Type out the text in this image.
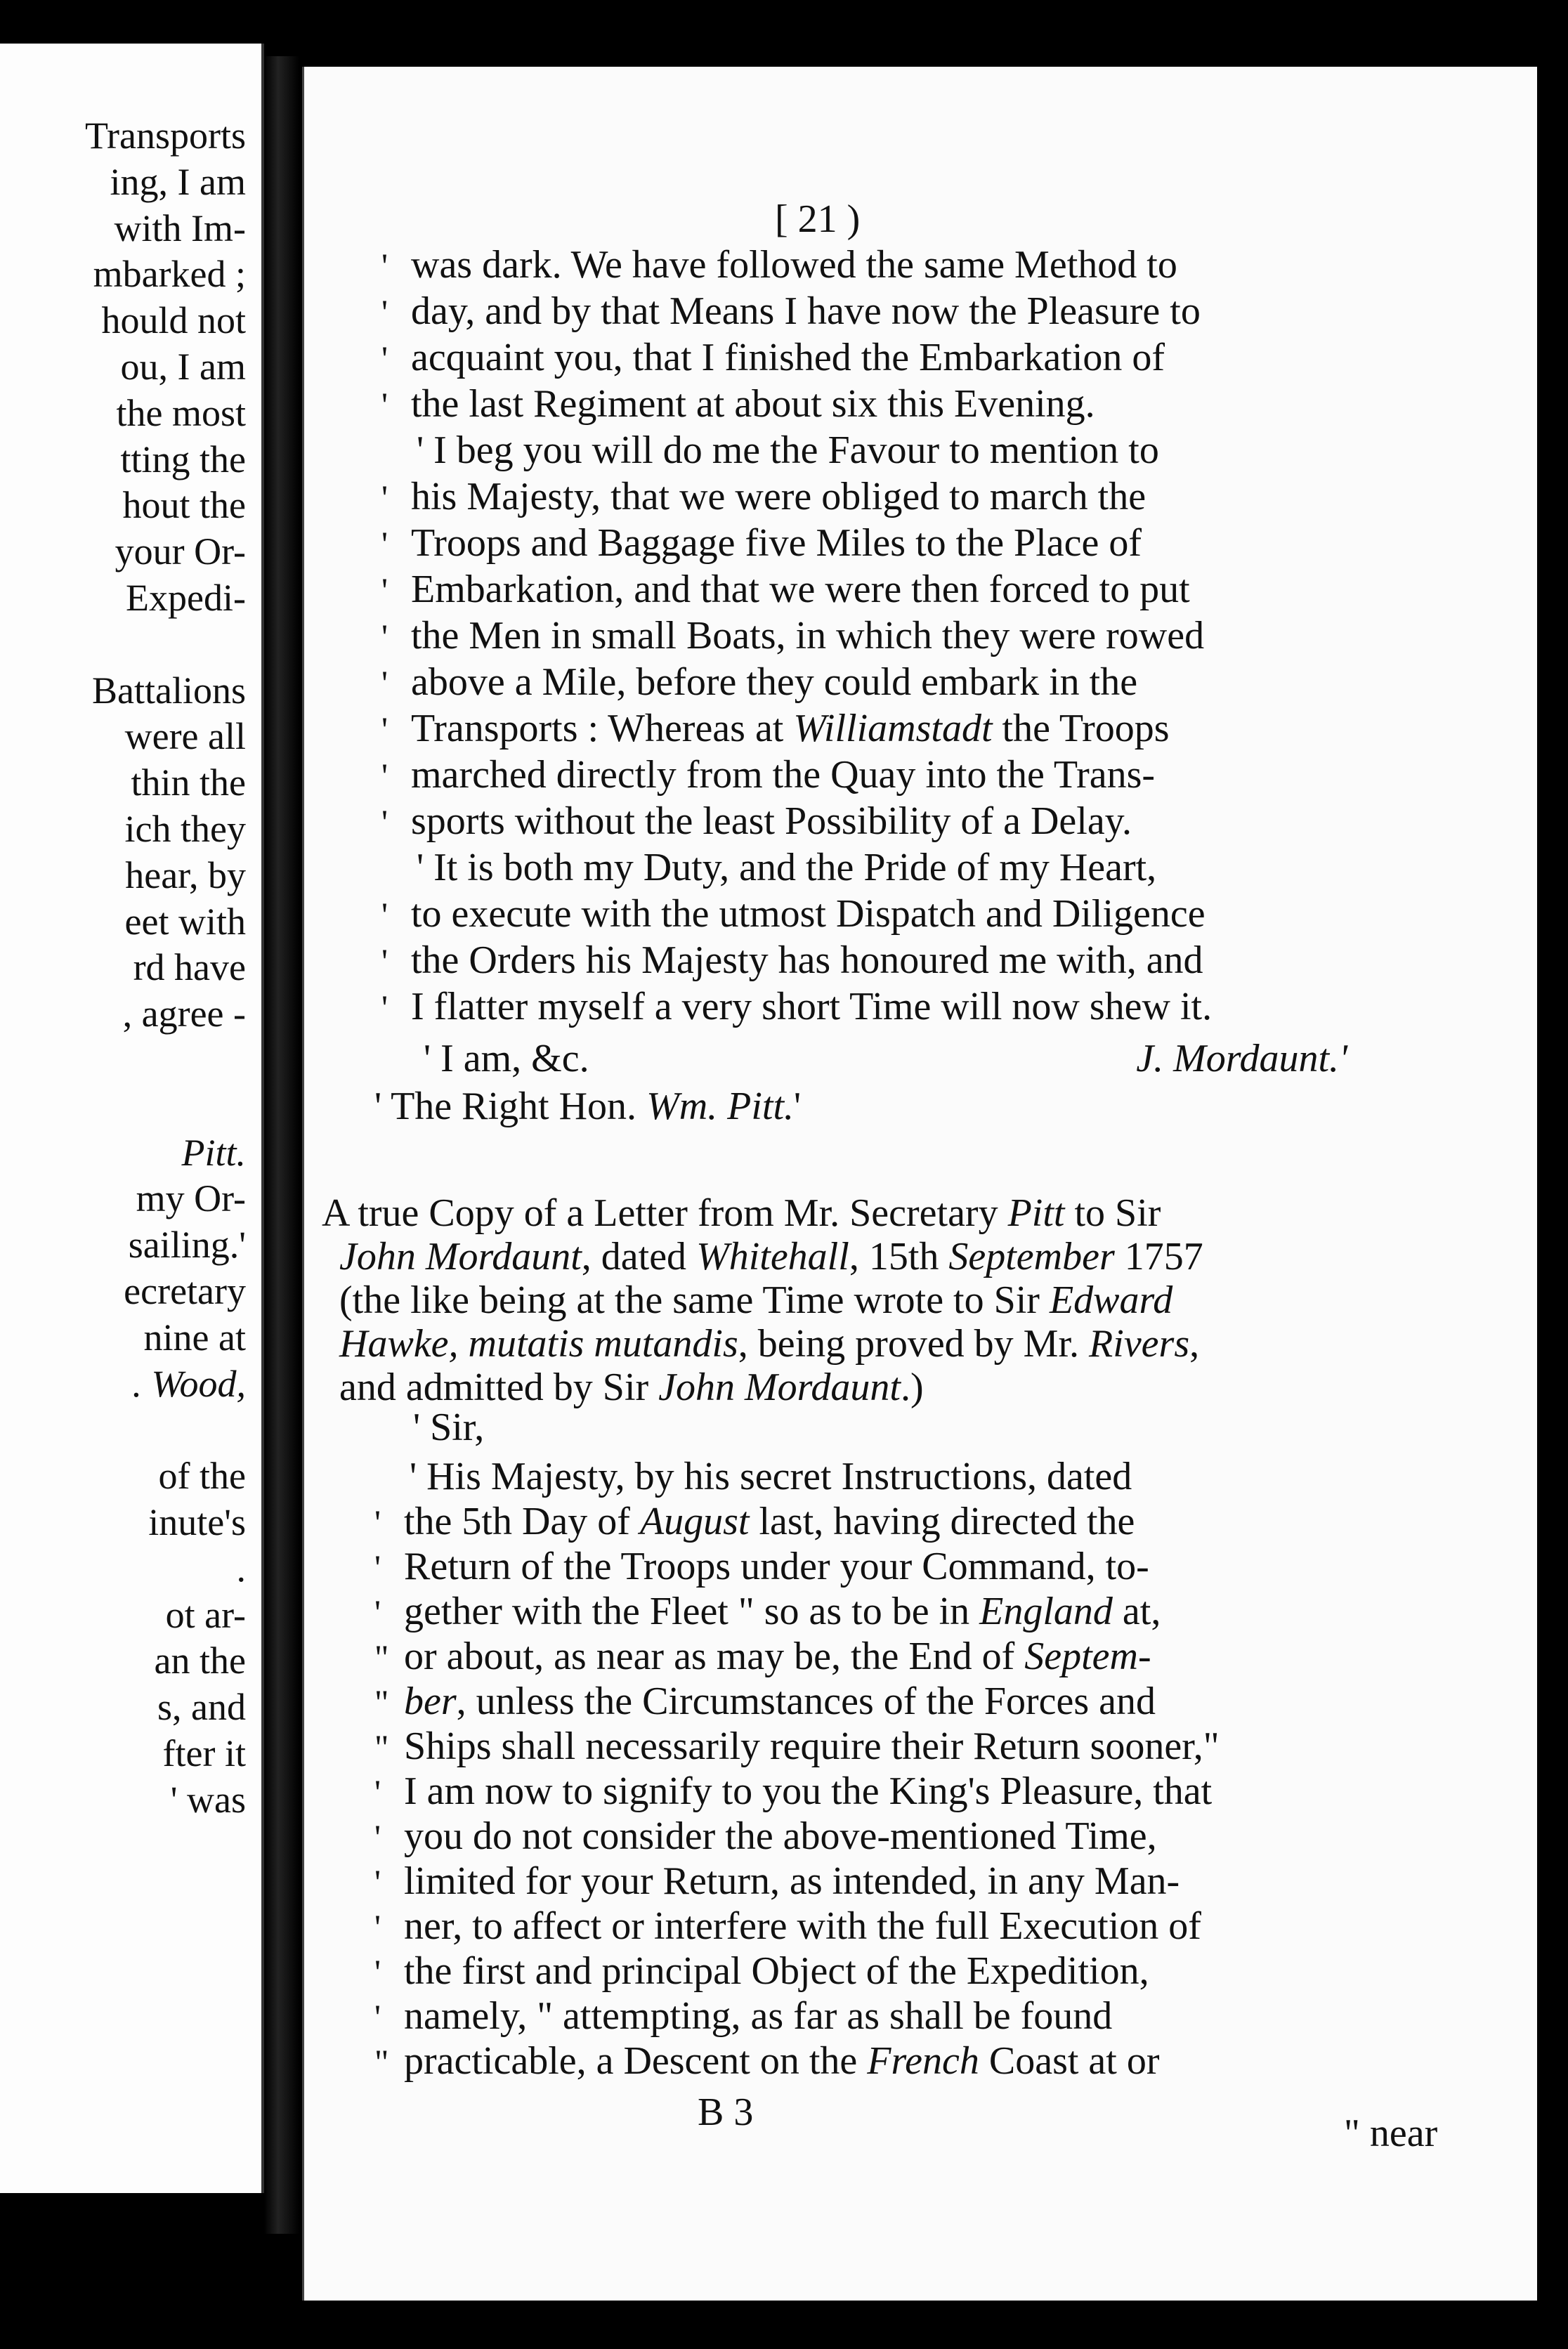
Transports
ing, I am
with Im-
mbarked ;
hould not
ou, I am
the most
tting the
hout the
your Or-
Expedi-
Battalions
were all
thin the
ich they
hear, by
eet with
rd have
, agree -
Pitt.
my Or-
sailing.'
ecretary
nine at
. Wood,
of the
inute's
.
ot ar-
an the
s, and
fter it
' was
[ 21 )
' was dark. We have followed the same Method to
' day, and by that Means I have now the Pleasure to
' acquaint you, that I finished the Embarkation of
' the last Regiment at about six this Evening.
' I beg you will do me the Favour to mention to
' his Majesty, that we were obliged to march the
' Troops and Baggage five Miles to the Place of
' Embarkation, and that we were then forced to put
' the Men in small Boats, in which they were rowed
' above a Mile, before they could embark in the
' Transports : Whereas at Williamstadt the Troops
' marched directly from the Quay into the Trans-
' sports without the least Possibility of a Delay.
' It is both my Duty, and the Pride of my Heart,
' to execute with the utmost Dispatch and Diligence
' the Orders his Majesty has honoured me with, and
' I flatter myself a very short Time will now shew it.
' I am, &c.	J. Mordaunt.'
' The Right Hon. Wm. Pitt.'
A true Copy of a Letter from Mr. Secretary Pitt to Sir
John Mordaunt, dated Whitehall, 15th September 1757
(the like being at the same Time wrote to Sir Edward
Hawke, mutatis mutandis, being proved by Mr. Rivers,
and admitted by Sir John Mordaunt.)
' Sir,
' His Majesty, by his secret Instructions, dated
' the 5th Day of August last, having directed the
' Return of the Troops under your Command, to-
' gether with the Fleet " so as to be in England at,
" or about, as near as may be, the End of Septem-
" ber, unless the Circumstances of the Forces and
" Ships shall necessarily require their Return sooner,"
' I am now to signify to you the King's Pleasure, that
' you do not consider the above-mentioned Time,
' limited for your Return, as intended, in any Man-
' ner, to affect or interfere with the full Execution of
' the first and principal Object of the Expedition,
' namely, " attempting, as far as shall be found
" practicable, a Descent on the French Coast at or
B 3	" near
